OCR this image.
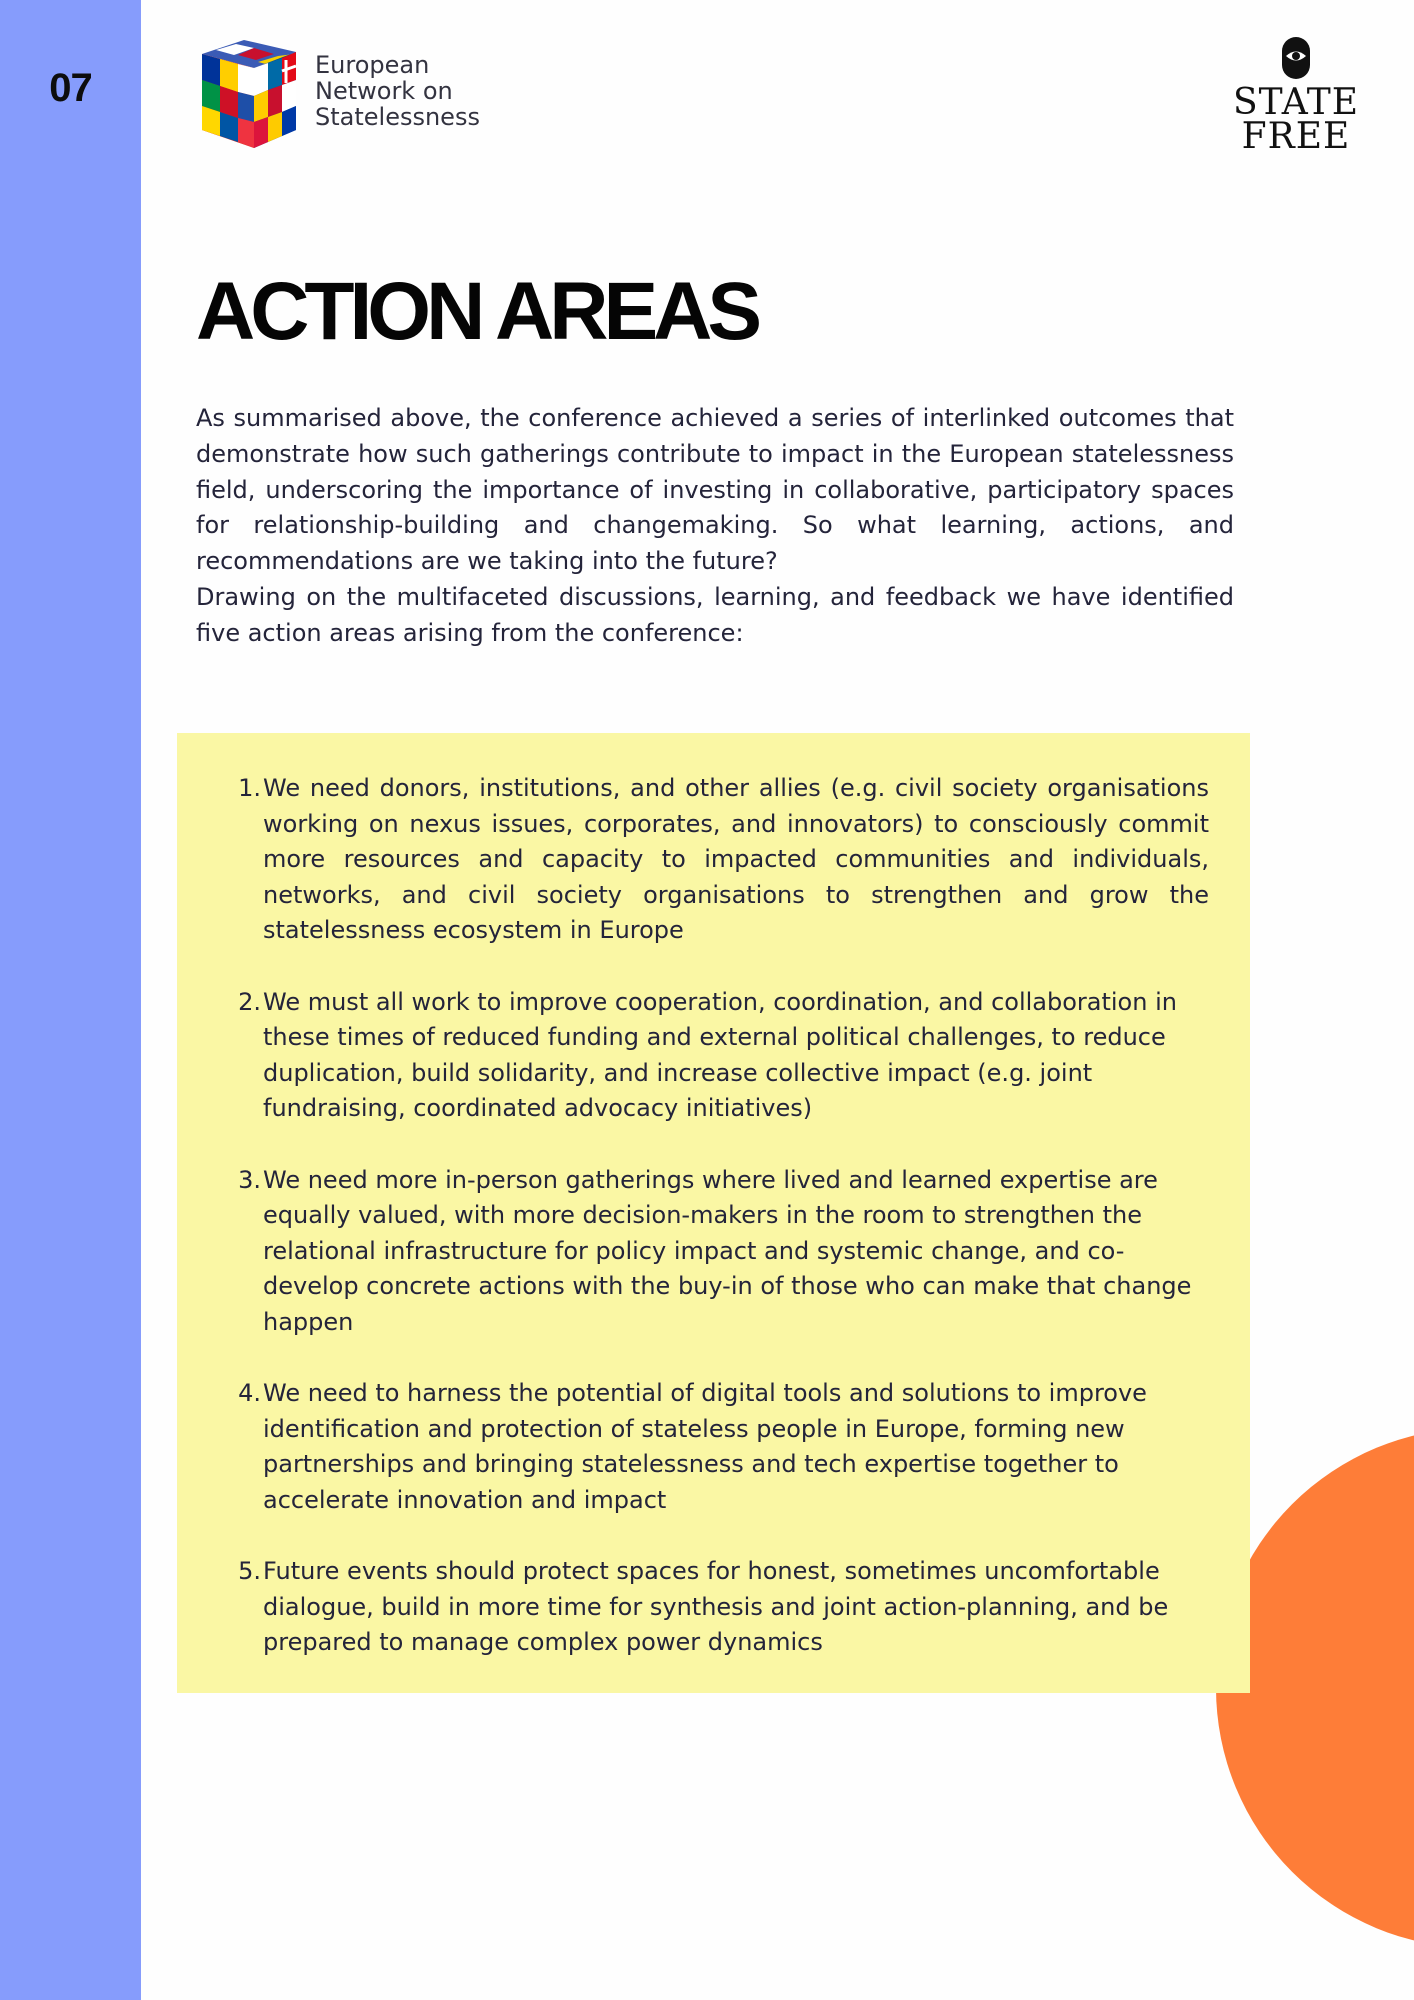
07
European
Network on
Statelessness	STATE
FREE
ACTION AREAS

As summarised above, the conference achieved a series of interlinked outcomes that demonstrate how such gatherings contribute to impact in the European statelessness field, underscoring the importance of investing in collaborative, participatory spaces for relationship-building and changemaking. So what learning, actions, and recommendations are we taking into the future?

Drawing on the multifaceted discussions, learning, and feedback we have identified five action areas arising from the conference:

1. We need donors, institutions, and other allies (e.g. civil society organisations working on nexus issues, corporates, and innovators) to consciously commit more resources and capacity to impacted communities and individuals, networks, and civil society organisations to strengthen and grow the statelessness ecosystem in Europe
2. We must all work to improve cooperation, coordination, and collaboration in these times of reduced funding and external political challenges, to reduce duplication, build solidarity, and increase collective impact (e.g. joint fundraising, coordinated advocacy initiatives)
3. We need more in-person gatherings where lived and learned expertise are equally valued, with more decision-makers in the room to strengthen the relational infrastructure for policy impact and systemic change, and co-develop concrete actions with the buy-in of those who can make that change happen
4. We need to harness the potential of digital tools and solutions to improve identification and protection of stateless people in Europe, forming new partnerships and bringing statelessness and tech expertise together to accelerate innovation and impact
5. Future events should protect spaces for honest, sometimes uncomfortable dialogue, build in more time for synthesis and joint action-planning, and be prepared to manage complex power dynamics
